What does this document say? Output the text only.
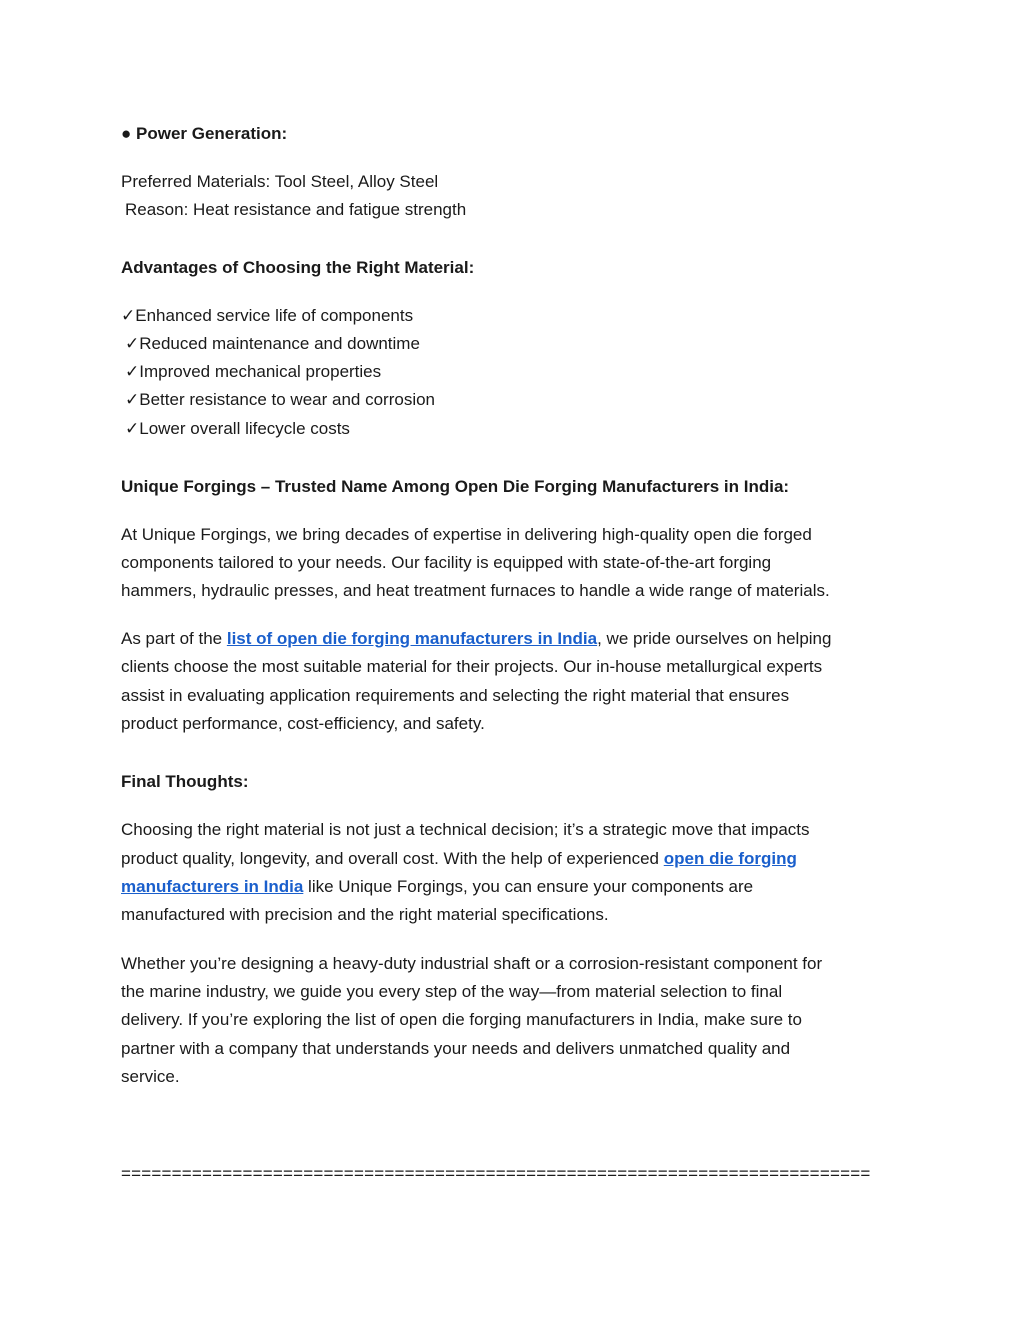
● Power Generation:
Preferred Materials: Tool Steel, Alloy Steel
Reason: Heat resistance and fatigue strength
Advantages of Choosing the Right Material:
✓Enhanced service life of components
✓Reduced maintenance and downtime
✓Improved mechanical properties
✓Better resistance to wear and corrosion
✓Lower overall lifecycle costs
Unique Forgings – Trusted Name Among Open Die Forging Manufacturers in India:
At Unique Forgings, we bring decades of expertise in delivering high-quality open die forged
components tailored to your needs. Our facility is equipped with state-of-the-art forging
hammers, hydraulic presses, and heat treatment furnaces to handle a wide range of materials.
As part of the list of open die forging manufacturers in India, we pride ourselves on helping
clients choose the most suitable material for their projects. Our in-house metallurgical experts
assist in evaluating application requirements and selecting the right material that ensures
product performance, cost-efficiency, and safety.
Final Thoughts:
Choosing the right material is not just a technical decision; it’s a strategic move that impacts
product quality, longevity, and overall cost. With the help of experienced open die forging
manufacturers in India like Unique Forgings, you can ensure your components are
manufactured with precision and the right material specifications.
Whether you’re designing a heavy-duty industrial shaft or a corrosion-resistant component for
the marine industry, we guide you every step of the way—from material selection to final
delivery. If you’re exploring the list of open die forging manufacturers in India, make sure to
partner with a company that understands your needs and delivers unmatched quality and
service.
==========================================================================
